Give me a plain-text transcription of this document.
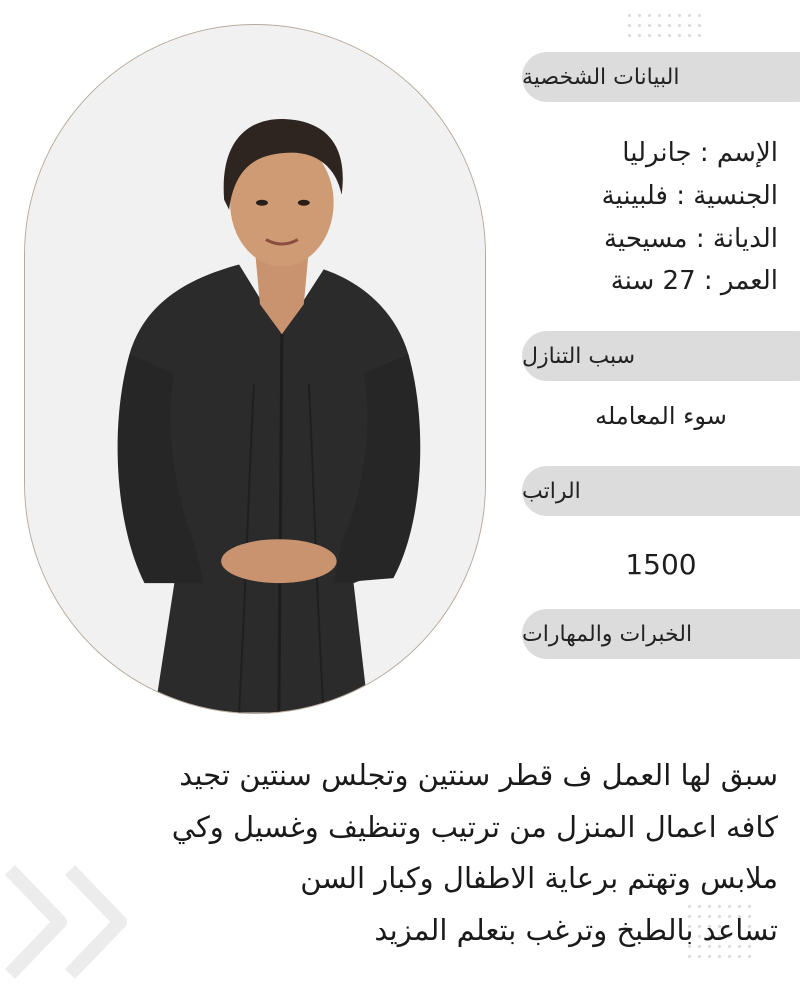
البيانات الشخصية
الإسم : جانرليا
الجنسية : فلبينية
الديانة : مسيحية
العمر : 27 سنة
سبب التنازل
سوء المعامله
الراتب
1500
الخبرات والمهارات
سبق لها العمل ف قطر سنتين وتجلس سنتين تجيد
كافه اعمال المنزل من ترتيب وتنظيف وغسيل وكي
ملابس وتهتم برعاية الاطفال وكبار السن
تساعد بالطبخ وترغب بتعلم المزيد
